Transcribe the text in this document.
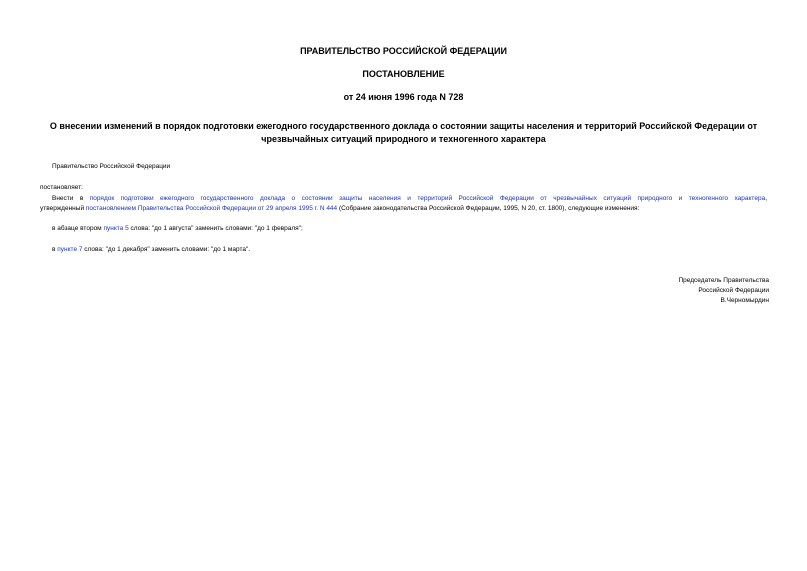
ПРАВИТЕЛЬСТВО РОССИЙСКОЙ ФЕДЕРАЦИИ
ПОСТАНОВЛЕНИЕ
от 24 июня 1996 года N 728
О внесении изменений в порядок подготовки ежегодного государственного доклада о состоянии защиты населения и территорий Российской Федерации от
чрезвычайных ситуаций природного и техногенного характера
Правительство Российской Федерации
постановляет:
Внести в порядок подготовки ежегодного государственного доклада о состоянии защиты населения и территорий Российской Федерации от чрезвычайных ситуаций природного и техногенного характера,
утвержденный постановлением Правительства Российской Федерации от 29 апреля 1995 г. N 444 (Собрание законодательства Российской Федерации, 1995, N 20, ст. 1800), следующие изменения:
в абзаце втором пункта 5 слова: "до 1 августа" заменить словами: "до 1 февраля";
в пункте 7 слова: "до 1 декабря" заменить словами: "до 1 марта".
Председатель Правительства
Российской Федерации
В.Черномырдин
